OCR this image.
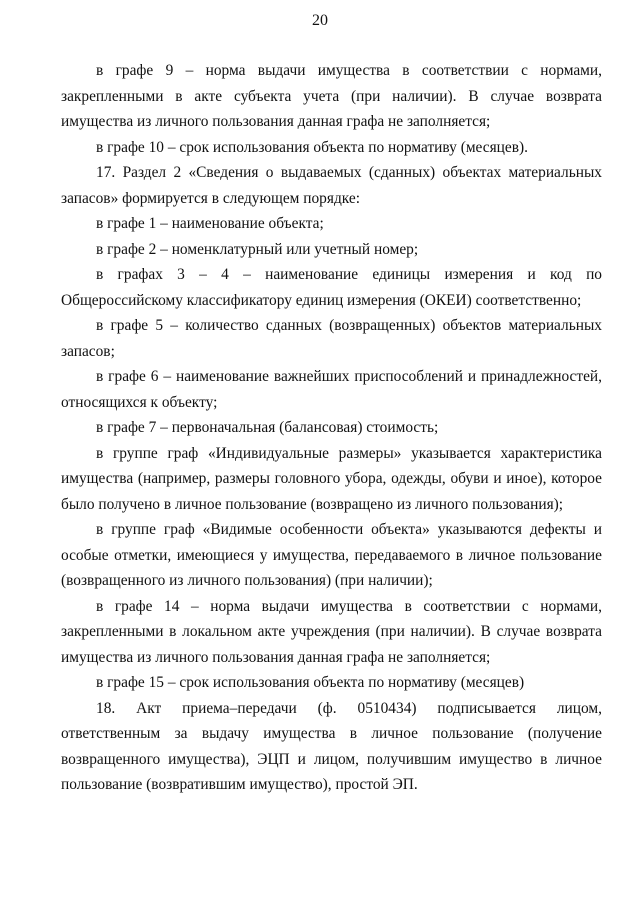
20

в графе 9 – норма выдачи имущества в соответствии с нормами, закрепленными в акте субъекта учета (при наличии). В случае возврата имущества из личного пользования данная графа не заполняется;

в графе 10 – срок использования объекта по нормативу (месяцев).

17. Раздел 2 «Сведения о выдаваемых (сданных) объектах материальных запасов» формируется в следующем порядке:

в графе 1 – наименование объекта;

в графе 2 – номенклатурный или учетный номер;

в графах 3 – 4 – наименование единицы измерения и код по Общероссийскому классификатору единиц измерения (ОКЕИ) соответственно;

в графе 5 – количество сданных (возвращенных) объектов материальных запасов;

в графе 6 – наименование важнейших приспособлений и принадлежностей, относящихся к объекту;

в графе 7 – первоначальная (балансовая) стоимость;

в группе граф «Индивидуальные размеры» указывается характеристика имущества (например, размеры головного убора, одежды, обуви и иное), которое было получено в личное пользование (возвращено из личного пользования);

в группе граф «Видимые особенности объекта» указываются дефекты и особые отметки, имеющиеся у имущества, передаваемого в личное пользование (возвращенного из личного пользования) (при наличии);

в графе 14 – норма выдачи имущества в соответствии с нормами, закрепленными в локальном акте учреждения (при наличии). В случае возврата имущества из личного пользования данная графа не заполняется;

в графе 15 – срок использования объекта по нормативу (месяцев)

18. Акт приема–передачи (ф. 0510434) подписывается лицом, ответственным за выдачу имущества в личное пользование (получение возвращенного имущества), ЭЦП и лицом, получившим имущество в личное пользование (возвратившим имущество), простой ЭП.
